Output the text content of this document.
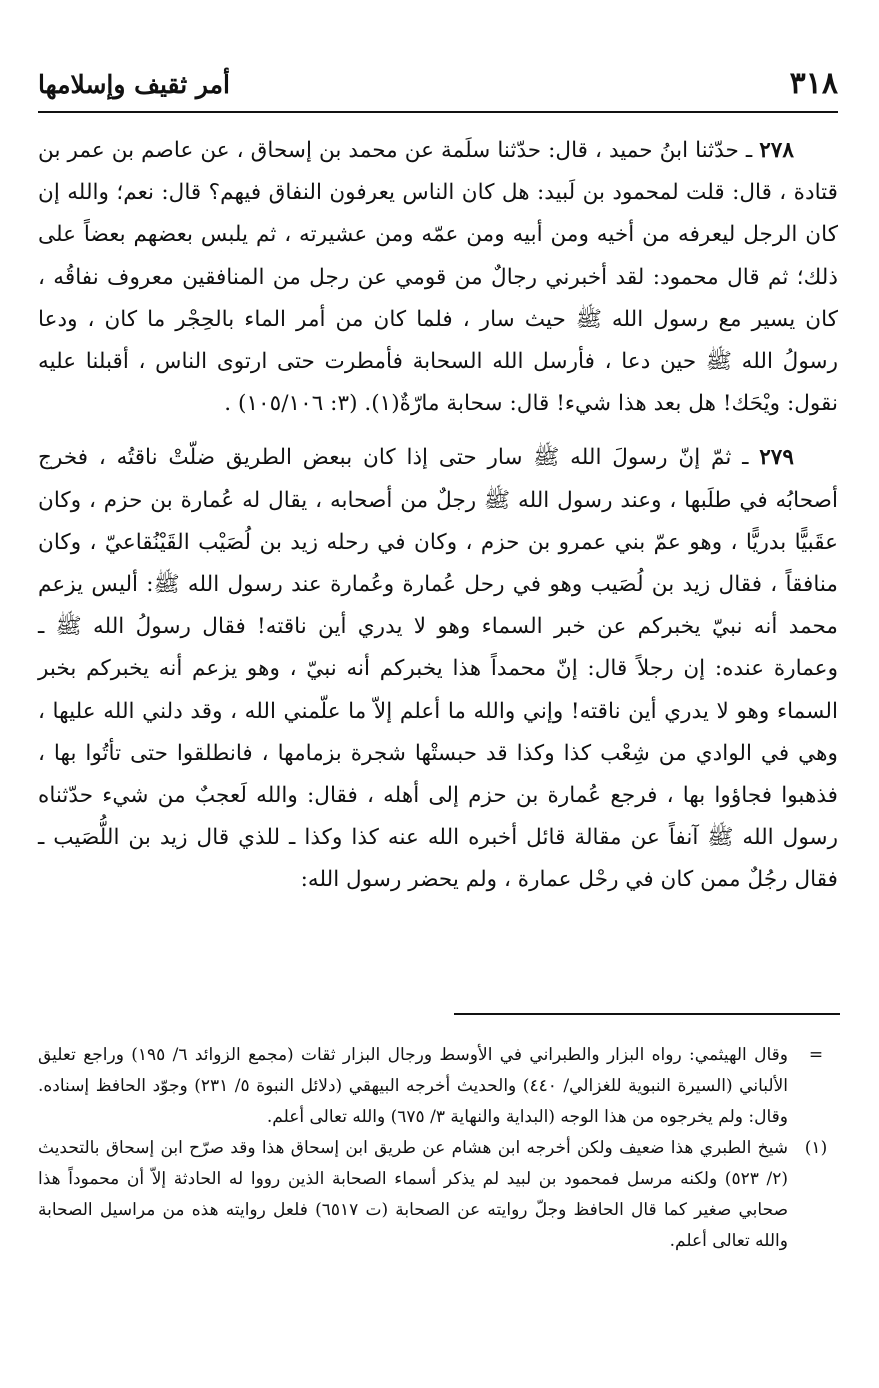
٣١٨
أمر ثقيف وإسلامها

٢٧٨ ـ حدّثنا ابنُ حميد ، قال: حدّثنا سلَمة عن محمد بن إسحاق ، عن عاصم بن عمر بن قتادة ، قال: قلت لمحمود بن لَبيد: هل كان الناس يعرفون النفاق فيهم؟ قال: نعم؛ والله إن كان الرجل ليعرفه من أخيه ومن أبيه ومن عمّه ومن عشيرته ، ثم يلبس بعضهم بعضاً على ذلك؛ ثم قال محمود: لقد أخبرني رجالٌ من قومي عن رجل من المنافقين معروف نفاقُه ، كان يسير مع رسول الله ﷺ حيث سار ، فلما كان من أمر الماء بالحِجْر ما كان ، ودعا رسولُ الله ﷺ حين دعا ، فأرسل الله السحابة فأمطرت حتى ارتوى الناس ، أقبلنا عليه نقول: ويْحَك! هل بعد هذا شيء! قال: سحابة مارّةٌ(١). (٣: ١٠٥/١٠٦) .

٢٧٩ ـ ثمّ إنّ رسولَ الله ﷺ سار حتى إذا كان ببعض الطريق ضلّتْ ناقتُه ، فخرج أصحابُه في طلَبها ، وعند رسول الله ﷺ رجلٌ من أصحابه ، يقال له عُمارة بن حزم ، وكان عقَبيًّا بدريًّا ، وهو عمّ بني عمرو بن حزم ، وكان في رحله زيد بن لُصَيْب القَيْنُقاعيّ ، وكان منافقاً ، فقال زيد بن لُصَيب وهو في رحل عُمارة وعُمارة عند رسول الله ﷺ: أليس يزعم محمد أنه نبيّ يخبركم عن خبر السماء وهو لا يدري أين ناقته! فقال رسولُ الله ﷺ ـ وعمارة عنده: إن رجلاً قال: إنّ محمداً هذا يخبركم أنه نبيّ ، وهو يزعم أنه يخبركم بخبر السماء وهو لا يدري أين ناقته! وإني والله ما أعلم إلاّ ما علّمني الله ، وقد دلني الله عليها ، وهي في الوادي من شِعْب كذا وكذا قد حبستْها شجرة بزمامها ، فانطلقوا حتى تأتُوا بها ، فذهبوا فجاؤوا بها ، فرجع عُمارة بن حزم إلى أهله ، فقال: والله لَعجبٌ من شيء حدّثناه رسول الله ﷺ آنفاً عن مقالة قائل أخبره الله عنه كذا وكذا ـ للذي قال زيد بن اللُّصَيب ـ فقال رجُلٌ ممن كان في رحْل عمارة ، ولم يحضر رسول الله:

=
وقال الهيثمي: رواه البزار والطبراني في الأوسط ورجال البزار ثقات (مجمع الزوائد ٦/ ١٩٥) وراجع تعليق الألباني (السيرة النبوية للغزالي/ ٤٤٠) والحديث أخرجه البيهقي (دلائل النبوة ٥/ ٢٣١) وجوّد الحافظ إسناده. وقال: ولم يخرجوه من هذا الوجه (البداية والنهاية ٣/ ٦٧٥) والله تعالى أعلم.

(١)
شيخ الطبري هذا ضعيف ولكن أخرجه ابن هشام عن طريق ابن إسحاق هذا وقد صرّح ابن إسحاق بالتحديث (٢/ ٥٢٣) ولكنه مرسل فمحمود بن لبيد لم يذكر أسماء الصحابة الذين رووا له الحادثة إلاّ أن محموداً هذا صحابي صغير كما قال الحافظ وجلّ روايته عن الصحابة (ت ٦٥١٧) فلعل روايته هذه من مراسيل الصحابة والله تعالى أعلم.
